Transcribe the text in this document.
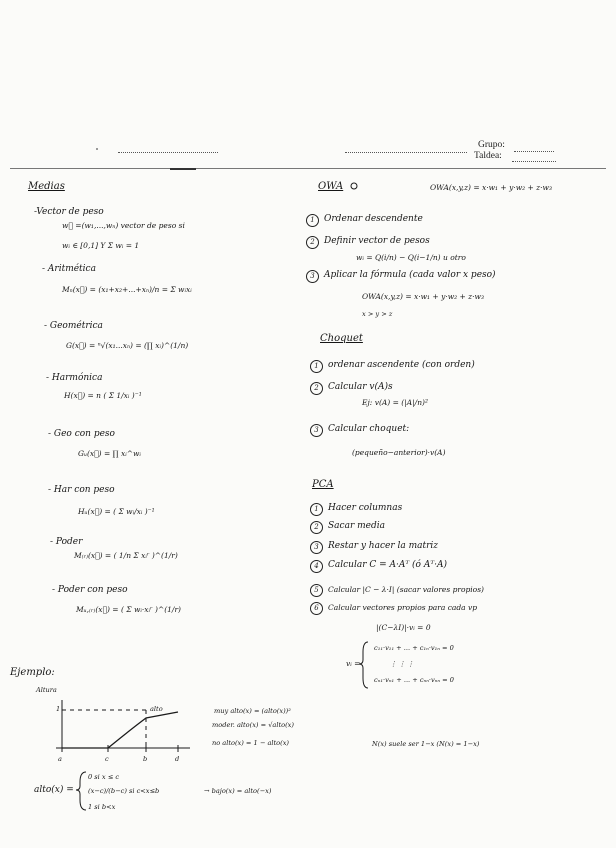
Grupo:
Taldea:
Medias
-Vector de peso
w⃗ =(w₁,...,wₙ) vector de peso si
wᵢ ∈ [0,1] Y Σ wᵢ = 1
- Aritmética
Mₙ(x⃗) = (x₁+x₂+...+xₙ)/n = Σ wᵢxᵢ
- Geométrica
G(x⃗) = ⁿ√(x₁...xₙ) = (∏ xᵢ)^(1/n)
- Harmónica
H(x⃗) = n ( Σ 1/xᵢ )⁻¹
- Geo con peso
Gᵤ(x⃗) = ∏ xᵢ^wᵢ
- Har con peso
Hᵤ(x⃗) = ( Σ wᵢ/xᵢ )⁻¹
- Poder
M₍ᵣ₎(x⃗) = ( 1/n Σ xᵢʳ )^(1/r)
- Poder con peso
Mᵤ,₍ᵣ₎(x⃗) = ( Σ wᵢ·xᵢʳ )^(1/r)
OWA	OWA(x,y,z) = x·w₁ + y·w₂ + z·w₃
1	Ordenar descendente
2	Definir vector de pesos
wᵢ = Q(i/n) − Q(i−1/n) u otro
3	Aplicar la fórmula (cada valor x peso)
OWA(x,y,z) = x·w₁ + y·w₂ + z·w₃
x > y > z
Choquet
1	ordenar ascendente (con orden)
2	Calcular v(A)s
Ej: v(A) = (|A|/n)²
3	Calcular choquet:
(pequeño−anterior)·v(A)
PCA
1	Hacer columnas
2	Sacar media
3	Restar y hacer la matriz
4	Calcular C = A·Aᵀ (ó Aᵀ·A)
5	Calcular |C − λ·I| (sacar valores propios)
6	Calcular vectores propios para cada vp
|(C−λI)|·vᵢ = 0
vᵢ =
c₁₁·v₁₁ + ... + c₁ₙ·v₁ₙ = 0
⋮ ⋮ ⋮
cₙ₁·vₙ₁ + ... + cₙₙ·vₙₙ = 0
Ejemplo:
Altura
alto
1
a	c	b	d
muy alto(x) = (alto(x))²
moder. alto(x) = √alto(x)
no alto(x) = 1 − alto(x)	N(x) suele ser 1−x (N(x) = 1−x)
alto(x) =
0 si x ≤ c
(x−c)/(b−c) si c<x≤b
1 si b<x
→ bajo(x) = alto(−x)
